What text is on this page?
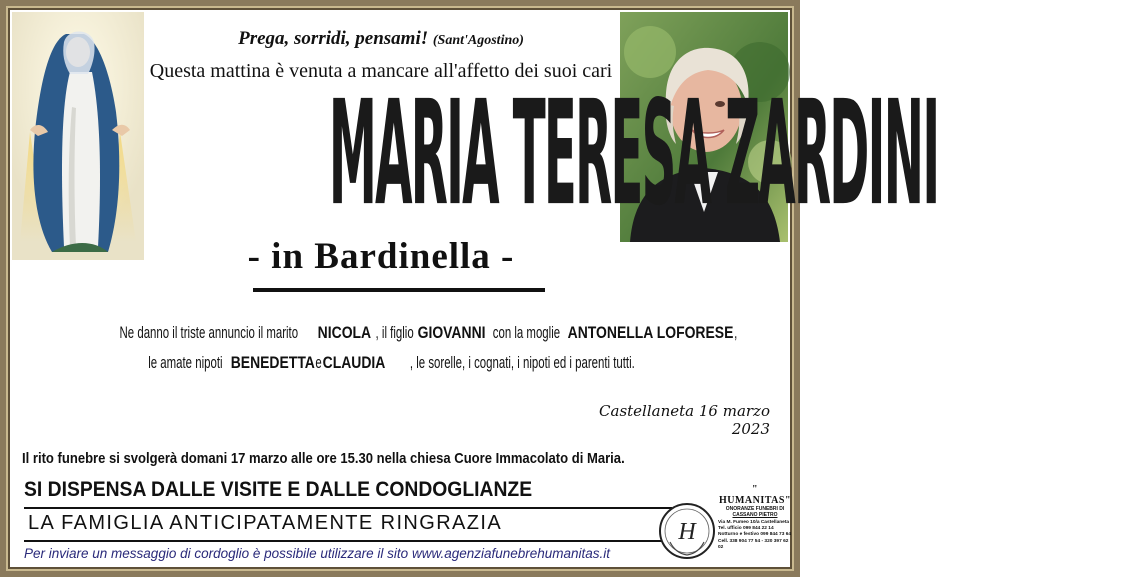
Prega, sorridi, pensami! (Sant'Agostino)
Questa mattina è venuta a mancare all'affetto dei suoi cari
MARIA TERESA ZARDINI
- in Bardinella -
Ne danno il triste annuncio il maritoNICOLA , il figlioGIOVANNIcon la moglieANTONELLA LOFORESE,
le amate nipotiBENEDETTAeCLAUDIA , le sorelle, i cognati, i nipoti ed i parenti tutti.
Castellaneta 16 marzo 2023
Il rito funebre si svolgerà domani 17 marzo alle ore 15.30 nella chiesa Cuore Immacolato di Maria.
SI DISPENSA DALLE VISITE E DALLE CONDOGLIANZE
LA FAMIGLIA ANTICIPATAMENTE RINGRAZIA
Per inviare un messaggio di cordoglio è possibile utilizzare il sito www.agenziafunebrehumanitas.it
H
" HUMANITAS"
ONORANZE FUNEBRI DI
CASSANO PIETRO
Via M. Fumeo 10/a Castellaneta
Tel. ufficio 099 844 22 14
Notturno e festivo 099 844 73 64
Cell. 338 904 77 54 - 320 397 62 02
